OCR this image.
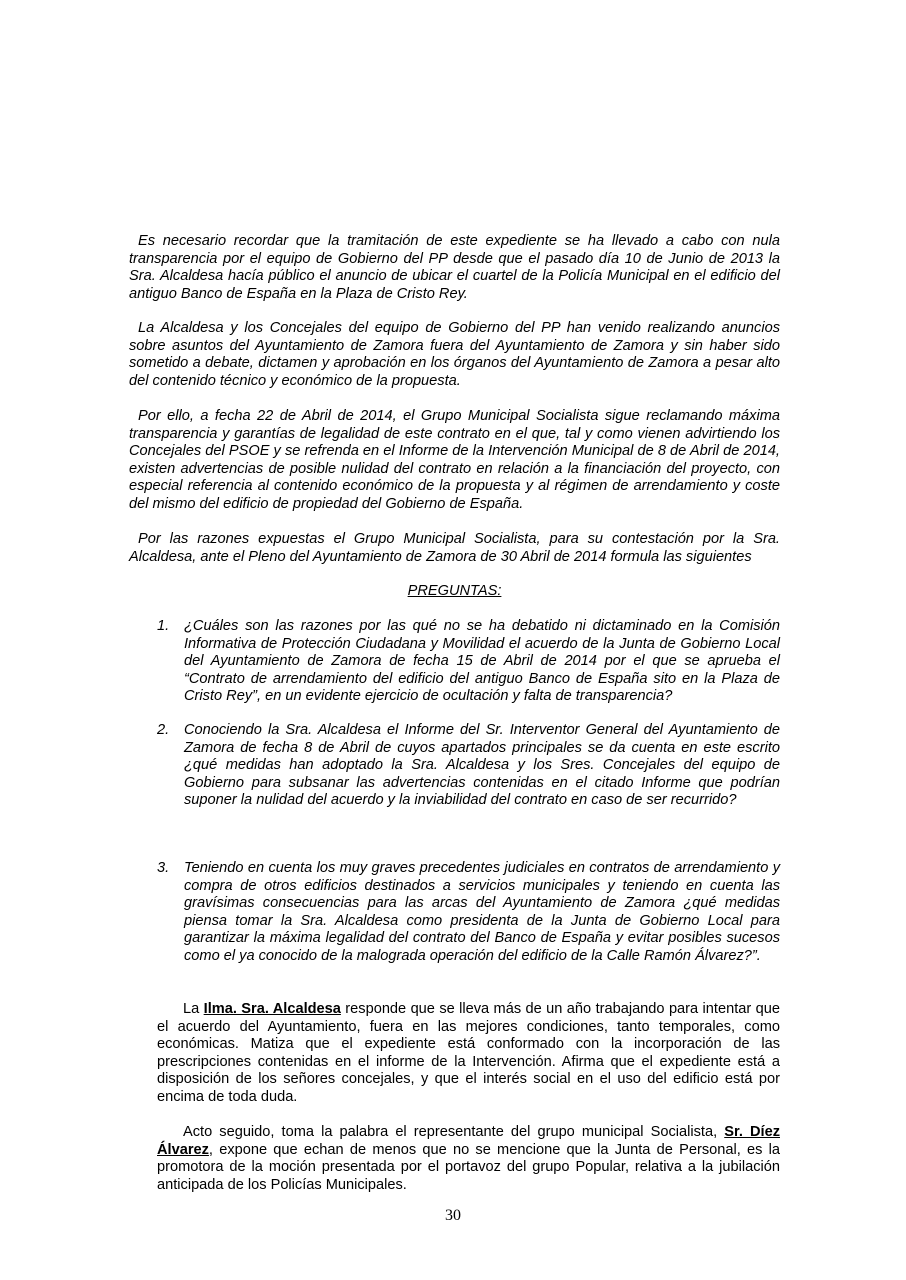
Es necesario recordar que la tramitación de este expediente se ha llevado a cabo con nula transparencia por el equipo de Gobierno del PP desde que el pasado día 10 de Junio de 2013 la Sra. Alcaldesa hacía público el anuncio de ubicar el cuartel de la Policía Municipal en el edificio del antiguo Banco de España en la Plaza de Cristo Rey.

La Alcaldesa y los Concejales del equipo de Gobierno del PP han venido realizando anuncios sobre asuntos del Ayuntamiento de Zamora fuera del Ayuntamiento de Zamora y sin haber sido sometido a debate, dictamen y aprobación en los órganos del Ayuntamiento de Zamora a pesar alto del contenido técnico y económico de la propuesta.

Por ello, a fecha 22 de Abril de 2014, el Grupo Municipal Socialista sigue reclamando máxima transparencia y garantías de legalidad de este contrato en el que, tal y como vienen advirtiendo los Concejales del PSOE y se refrenda en el Informe de la Intervención Municipal de 8 de Abril de 2014, existen advertencias de posible nulidad del contrato en relación a la financiación del proyecto, con especial referencia al contenido económico de la propuesta y al régimen de arrendamiento y coste del mismo del edificio de propiedad del Gobierno de España.

Por las razones expuestas el Grupo Municipal Socialista, para su contestación por la Sra. Alcaldesa, ante el Pleno del Ayuntamiento de Zamora de 30 Abril de 2014 formula las siguientes

PREGUNTAS:

1. ¿Cuáles son las razones por las qué no se ha debatido ni dictaminado en la Comisión Informativa de Protección Ciudadana y Movilidad el acuerdo de la Junta de Gobierno Local del Ayuntamiento de Zamora de fecha 15 de Abril de 2014 por el que se aprueba el “Contrato de arrendamiento del edificio del antiguo Banco de España sito en la Plaza de Cristo Rey”, en un evidente ejercicio de ocultación y falta de transparencia?

2. Conociendo la Sra. Alcaldesa el Informe del Sr. Interventor General del Ayuntamiento de Zamora de fecha 8 de Abril de cuyos apartados principales se da cuenta en este escrito ¿qué medidas han adoptado la Sra. Alcaldesa y los Sres. Concejales del equipo de Gobierno para subsanar las advertencias contenidas en el citado Informe que podrían suponer la nulidad del acuerdo y la inviabilidad del contrato en caso de ser recurrido?

3. Teniendo en cuenta los muy graves precedentes judiciales en contratos de arrendamiento y compra de otros edificios destinados a servicios municipales y teniendo en cuenta las gravísimas consecuencias para las arcas del Ayuntamiento de Zamora ¿qué medidas piensa tomar la Sra. Alcaldesa como presidenta de la Junta de Gobierno Local para garantizar la máxima legalidad del contrato del Banco de España y evitar posibles sucesos como el ya conocido de la malograda operación del edificio de la Calle Ramón Álvarez?”.

La Ilma. Sra. Alcaldesa responde que se lleva más de un año trabajando para intentar que el acuerdo del Ayuntamiento, fuera en las mejores condiciones, tanto temporales, como económicas. Matiza que el expediente está conformado con la incorporación de las prescripciones contenidas en el informe de la Intervención. Afirma que el expediente está a disposición de los señores concejales, y que el interés social en el uso del edificio está por encima de toda duda.

Acto seguido, toma la palabra el representante del grupo municipal Socialista, Sr. Díez Álvarez, expone que echan de menos que no se mencione que la Junta de Personal, es la promotora de la moción presentada por el portavoz del grupo Popular, relativa a la jubilación anticipada de los Policías Municipales.

30
